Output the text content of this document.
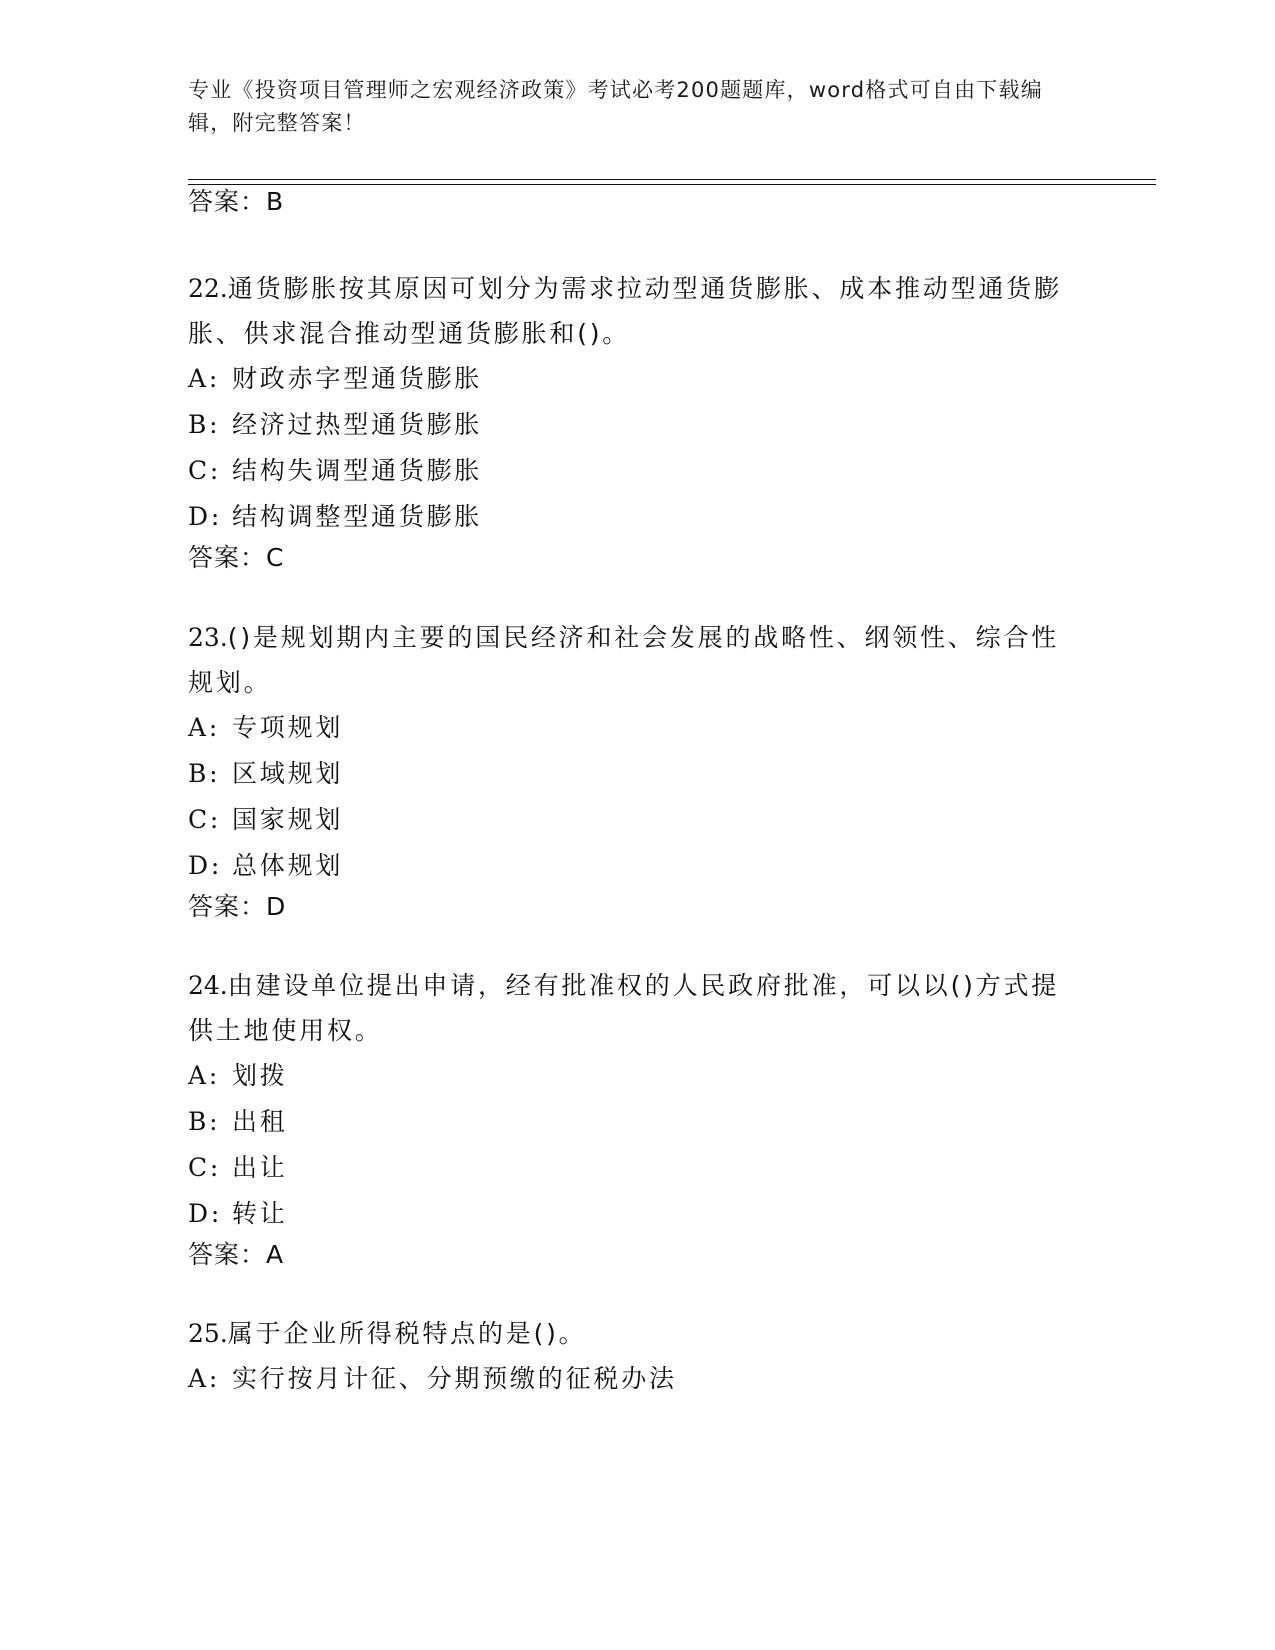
专业《投资项目管理师之宏观经济政策》考试必考200题题库，word格式可自由下载编辑，附完整答案！
答案：B
22.通货膨胀按其原因可划分为需求拉动型通货膨胀、成本推动型通货膨胀、供求混合推动型通货膨胀和()。
A: 财政赤字型通货膨胀
B: 经济过热型通货膨胀
C: 结构失调型通货膨胀
D: 结构调整型通货膨胀
答案：C
23.()是规划期内主要的国民经济和社会发展的战略性、纲领性、综合性规划。
A: 专项规划
B: 区域规划
C: 国家规划
D: 总体规划
答案：D
24.由建设单位提出申请，经有批准权的人民政府批准，可以以()方式提供土地使用权。
A: 划拨
B: 出租
C: 出让
D: 转让
答案：A
25.属于企业所得税特点的是()。
A: 实行按月计征、分期预缴的征税办法
